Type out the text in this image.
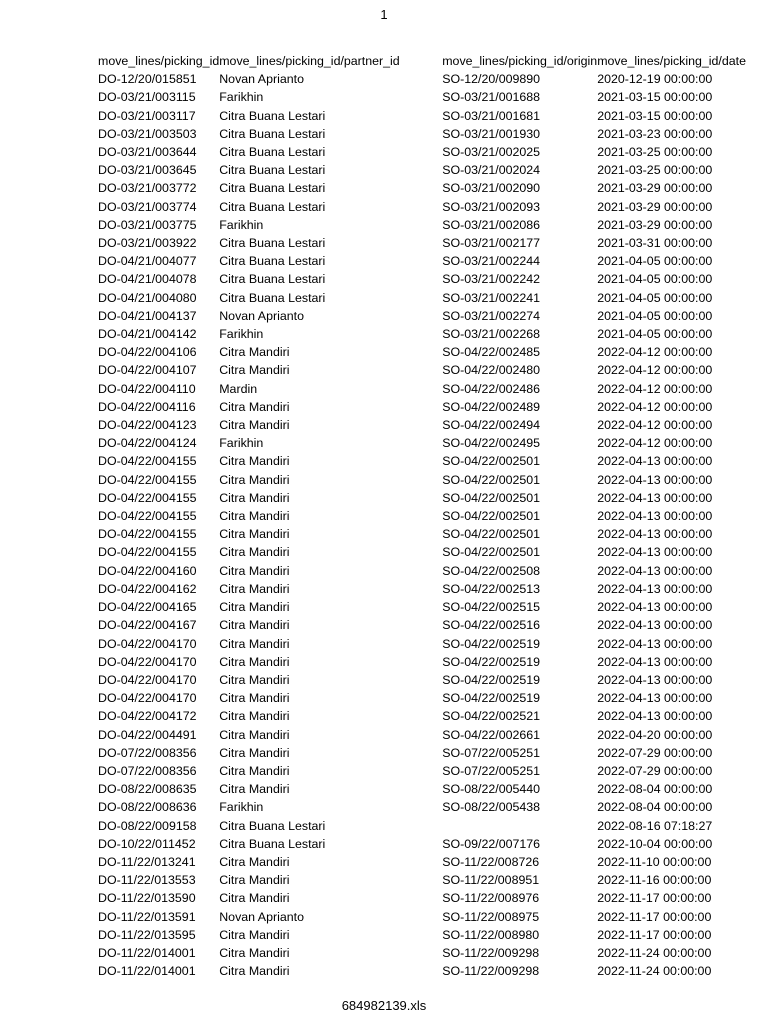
1
move_lines/picking_id	move_lines/picking_id/partner_id	move_lines/picking_id/origin	move_lines/picking_id/date
DO-12/20/015851	Novan Aprianto	SO-12/20/009890	2020-12-19 00:00:00
DO-03/21/003115	Farikhin	SO-03/21/001688	2021-03-15 00:00:00
DO-03/21/003117	Citra Buana Lestari	SO-03/21/001681	2021-03-15 00:00:00
DO-03/21/003503	Citra Buana Lestari	SO-03/21/001930	2021-03-23 00:00:00
DO-03/21/003644	Citra Buana Lestari	SO-03/21/002025	2021-03-25 00:00:00
DO-03/21/003645	Citra Buana Lestari	SO-03/21/002024	2021-03-25 00:00:00
DO-03/21/003772	Citra Buana Lestari	SO-03/21/002090	2021-03-29 00:00:00
DO-03/21/003774	Citra Buana Lestari	SO-03/21/002093	2021-03-29 00:00:00
DO-03/21/003775	Farikhin	SO-03/21/002086	2021-03-29 00:00:00
DO-03/21/003922	Citra Buana Lestari	SO-03/21/002177	2021-03-31 00:00:00
DO-04/21/004077	Citra Buana Lestari	SO-03/21/002244	2021-04-05 00:00:00
DO-04/21/004078	Citra Buana Lestari	SO-03/21/002242	2021-04-05 00:00:00
DO-04/21/004080	Citra Buana Lestari	SO-03/21/002241	2021-04-05 00:00:00
DO-04/21/004137	Novan Aprianto	SO-03/21/002274	2021-04-05 00:00:00
DO-04/21/004142	Farikhin	SO-03/21/002268	2021-04-05 00:00:00
DO-04/22/004106	Citra Mandiri	SO-04/22/002485	2022-04-12 00:00:00
DO-04/22/004107	Citra Mandiri	SO-04/22/002480	2022-04-12 00:00:00
DO-04/22/004110	Mardin	SO-04/22/002486	2022-04-12 00:00:00
DO-04/22/004116	Citra Mandiri	SO-04/22/002489	2022-04-12 00:00:00
DO-04/22/004123	Citra Mandiri	SO-04/22/002494	2022-04-12 00:00:00
DO-04/22/004124	Farikhin	SO-04/22/002495	2022-04-12 00:00:00
DO-04/22/004155	Citra Mandiri	SO-04/22/002501	2022-04-13 00:00:00
DO-04/22/004155	Citra Mandiri	SO-04/22/002501	2022-04-13 00:00:00
DO-04/22/004155	Citra Mandiri	SO-04/22/002501	2022-04-13 00:00:00
DO-04/22/004155	Citra Mandiri	SO-04/22/002501	2022-04-13 00:00:00
DO-04/22/004155	Citra Mandiri	SO-04/22/002501	2022-04-13 00:00:00
DO-04/22/004155	Citra Mandiri	SO-04/22/002501	2022-04-13 00:00:00
DO-04/22/004160	Citra Mandiri	SO-04/22/002508	2022-04-13 00:00:00
DO-04/22/004162	Citra Mandiri	SO-04/22/002513	2022-04-13 00:00:00
DO-04/22/004165	Citra Mandiri	SO-04/22/002515	2022-04-13 00:00:00
DO-04/22/004167	Citra Mandiri	SO-04/22/002516	2022-04-13 00:00:00
DO-04/22/004170	Citra Mandiri	SO-04/22/002519	2022-04-13 00:00:00
DO-04/22/004170	Citra Mandiri	SO-04/22/002519	2022-04-13 00:00:00
DO-04/22/004170	Citra Mandiri	SO-04/22/002519	2022-04-13 00:00:00
DO-04/22/004170	Citra Mandiri	SO-04/22/002519	2022-04-13 00:00:00
DO-04/22/004172	Citra Mandiri	SO-04/22/002521	2022-04-13 00:00:00
DO-04/22/004491	Citra Mandiri	SO-04/22/002661	2022-04-20 00:00:00
DO-07/22/008356	Citra Mandiri	SO-07/22/005251	2022-07-29 00:00:00
DO-07/22/008356	Citra Mandiri	SO-07/22/005251	2022-07-29 00:00:00
DO-08/22/008635	Citra Mandiri	SO-08/22/005440	2022-08-04 00:00:00
DO-08/22/008636	Farikhin	SO-08/22/005438	2022-08-04 00:00:00
DO-08/22/009158	Citra Buana Lestari		2022-08-16 07:18:27
DO-10/22/011452	Citra Buana Lestari	SO-09/22/007176	2022-10-04 00:00:00
DO-11/22/013241	Citra Mandiri	SO-11/22/008726	2022-11-10 00:00:00
DO-11/22/013553	Citra Mandiri	SO-11/22/008951	2022-11-16 00:00:00
DO-11/22/013590	Citra Mandiri	SO-11/22/008976	2022-11-17 00:00:00
DO-11/22/013591	Novan Aprianto	SO-11/22/008975	2022-11-17 00:00:00
DO-11/22/013595	Citra Mandiri	SO-11/22/008980	2022-11-17 00:00:00
DO-11/22/014001	Citra Mandiri	SO-11/22/009298	2022-11-24 00:00:00
DO-11/22/014001	Citra Mandiri	SO-11/22/009298	2022-11-24 00:00:00
684982139.xls
